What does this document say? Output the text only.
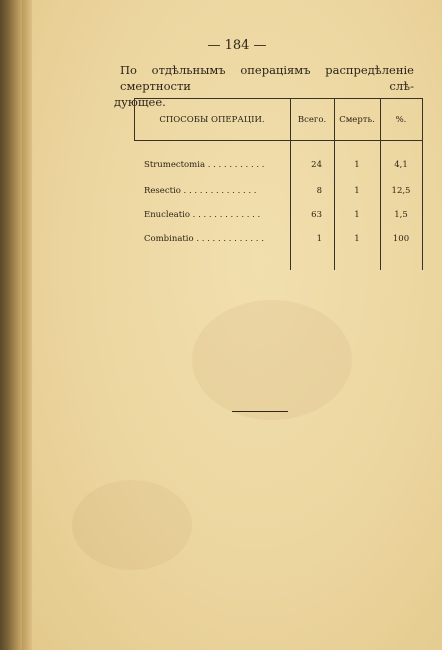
— 184 —
По отдѣльнымъ операціямъ распредѣленіе смертности слѣ-
дующее.
СПОСОБЫ ОПЕРАЦІИ.	Всего.	Смерть.	%.
Strumectomia . . . . . . . . . . .	24	1	4,1
Resectio . . . . . . . . . . . . . .	8	1	12,5
Enucleatio . . . . . . . . . . . . .	63	1	1,5
Combinatio . . . . . . . . . . . . .	1	1	100
